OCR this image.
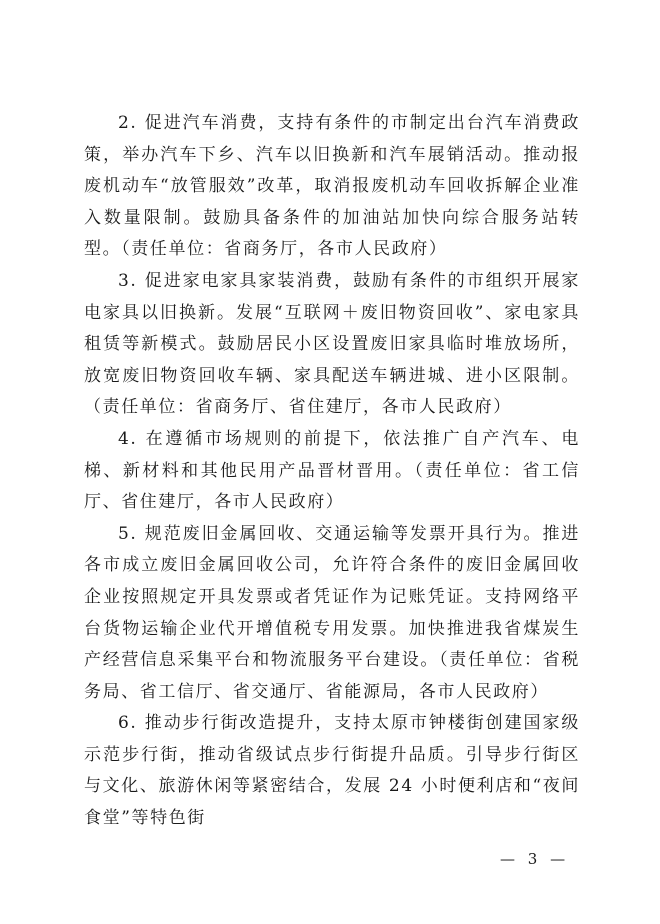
2. 促进汽车消费，支持有条件的市制定出台汽车消费政策，举办汽车下乡、汽车以旧换新和汽车展销活动。推动报废机动车“放管服效”改革，取消报废机动车回收拆解企业准入数量限制。鼓励具备条件的加油站加快向综合服务站转型。（责任单位：省商务厅，各市人民政府）

3. 促进家电家具家装消费，鼓励有条件的市组织开展家电家具以旧换新。发展“互联网＋废旧物资回收”、家电家具租赁等新模式。鼓励居民小区设置废旧家具临时堆放场所，放宽废旧物资回收车辆、家具配送车辆进城、进小区限制。（责任单位：省商务厅、省住建厅，各市人民政府）

4. 在遵循市场规则的前提下，依法推广自产汽车、电梯、新材料和其他民用产品晋材晋用。（责任单位：省工信厅、省住建厅，各市人民政府）

5. 规范废旧金属回收、交通运输等发票开具行为。推进各市成立废旧金属回收公司，允许符合条件的废旧金属回收企业按照规定开具发票或者凭证作为记账凭证。支持网络平台货物运输企业代开增值税专用发票。加快推进我省煤炭生产经营信息采集平台和物流服务平台建设。（责任单位：省税务局、省工信厅、省交通厅、省能源局，各市人民政府）

6. 推动步行街改造提升，支持太原市钟楼街创建国家级示范步行街，推动省级试点步行街提升品质。引导步行街区与文化、旅游休闲等紧密结合，发展 24 小时便利店和“夜间食堂”等特色街

— 3 —
